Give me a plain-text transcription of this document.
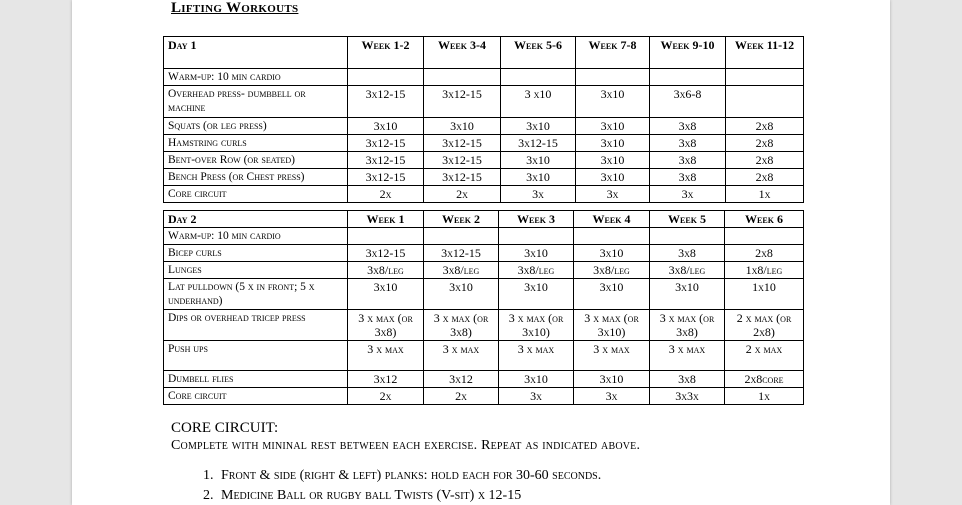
Lifting Workouts
Day 1	Week 1-2	Week 3-4	Week 5-6	Week 7-8	Week 9-10	Week 11-12
Warm-up: 10 min cardio						
Overhead press- dumbbell or machine	3x12-15	3x12-15	3 x10	3x10	3x6-8	
Squats (or leg press)	3x10	3x10	3x10	3x10	3x8	2x8
Hamstring curls	3x12-15	3x12-15	3x12-15	3x10	3x8	2x8
Bent-over Row (or seated)	3x12-15	3x12-15	3x10	3x10	3x8	2x8
Bench Press (or Chest press)	3x12-15	3x12-15	3x10	3x10	3x8	2x8
Core circuit	2x	2x	3x	3x	3x	1x
Day 2	Week 1	Week 2	Week 3	Week 4	Week 5	Week 6
Warm-up: 10 min cardio						
Bicep curls	3x12-15	3x12-15	3x10	3x10	3x8	2x8
Lunges	3x8/leg	3x8/leg	3x8/leg	3x8/leg	3x8/leg	1x8/leg
Lat pulldown (5 x in front; 5 x underhand)	3x10	3x10	3x10	3x10	3x10	1x10
Dips or overhead tricep press	3 x max (or 3x8)	3 x max (or 3x8)	3 x max (or 3x10)	3 x max (or 3x10)	3 x max (or 3x8)	2 x max (or 2x8)
Push ups	3 x max	3 x max	3 x max	3 x max	3 x max	2 x max
Dumbell flies	3x12	3x12	3x10	3x10	3x8	2x8core
Core circuit	2x	2x	3x	3x	3x3x	1x
CORE CIRCUIT:
Complete with mininal rest between each exercise. Repeat as indicated above.
1. Front & side (right & left) planks: hold each for 30-60 seconds.
2. Medicine Ball or rugby ball Twists (V-sit) x 12-15
